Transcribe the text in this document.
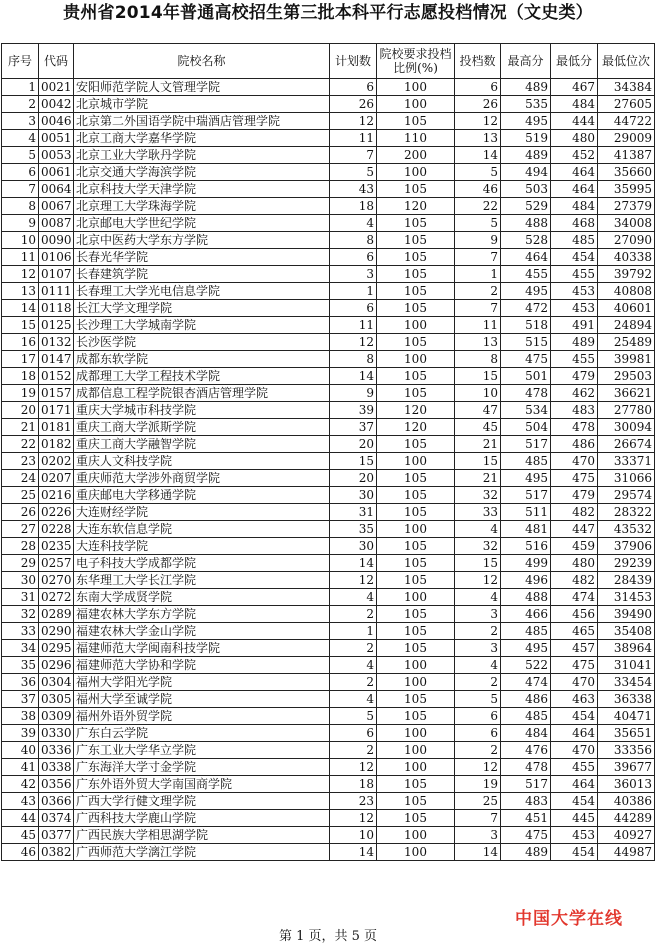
贵州省2014年普通高校招生第三批本科平行志愿投档情况（文史类）
序号	代码	院校名称	计划数	院校要求投档比例(%)	投档数	最高分	最低分	最低位次
1	0021	安阳师范学院人文管理学院	6	100	6	489	467	34384
2	0042	北京城市学院	26	100	26	535	484	27605
3	0046	北京第二外国语学院中瑞酒店管理学院	12	105	12	495	444	44722
4	0051	北京工商大学嘉华学院	11	110	13	519	480	29009
5	0053	北京工业大学耿丹学院	7	200	14	489	452	41387
6	0061	北京交通大学海滨学院	5	100	5	494	464	35660
7	0064	北京科技大学天津学院	43	105	46	503	464	35995
8	0067	北京理工大学珠海学院	18	120	22	529	484	27379
9	0087	北京邮电大学世纪学院	4	105	5	488	468	34008
10	0090	北京中医药大学东方学院	8	105	9	528	485	27090
11	0106	长春光华学院	6	105	7	464	454	40338
12	0107	长春建筑学院	3	105	1	455	455	39792
13	0111	长春理工大学光电信息学院	1	105	2	495	453	40808
14	0118	长江大学文理学院	6	105	7	472	453	40601
15	0125	长沙理工大学城南学院	11	100	11	518	491	24894
16	0132	长沙医学院	12	105	13	515	489	25489
17	0147	成都东软学院	8	100	8	475	455	39981
18	0152	成都理工大学工程技术学院	14	105	15	501	479	29503
19	0157	成都信息工程学院银杏酒店管理学院	9	105	10	478	462	36621
20	0171	重庆大学城市科技学院	39	120	47	534	483	27780
21	0181	重庆工商大学派斯学院	37	120	45	504	478	30094
22	0182	重庆工商大学融智学院	20	105	21	517	486	26674
23	0202	重庆人文科技学院	15	100	15	485	470	33371
24	0207	重庆师范大学涉外商贸学院	20	105	21	495	475	31066
25	0216	重庆邮电大学移通学院	30	105	32	517	479	29574
26	0226	大连财经学院	31	105	33	511	482	28322
27	0228	大连东软信息学院	35	100	4	481	447	43532
28	0235	大连科技学院	30	105	32	516	459	37906
29	0257	电子科技大学成都学院	14	105	15	499	480	29239
30	0270	东华理工大学长江学院	12	105	12	496	482	28439
31	0272	东南大学成贤学院	4	100	4	488	474	31453
32	0289	福建农林大学东方学院	2	105	3	466	456	39490
33	0290	福建农林大学金山学院	1	105	2	485	465	35408
34	0295	福建师范大学闽南科技学院	2	105	3	495	457	38964
35	0296	福建师范大学协和学院	4	100	4	522	475	31041
36	0304	福州大学阳光学院	2	100	2	474	470	33454
37	0305	福州大学至诚学院	4	105	5	486	463	36338
38	0309	福州外语外贸学院	5	105	6	485	454	40471
39	0330	广东白云学院	6	100	6	484	464	35651
40	0336	广东工业大学华立学院	2	100	2	476	470	33356
41	0338	广东海洋大学寸金学院	12	100	12	478	455	39677
42	0356	广东外语外贸大学南国商学院	18	105	19	517	464	36013
43	0366	广西大学行健文理学院	23	105	25	483	454	40386
44	0374	广西科技大学鹿山学院	12	105	7	451	445	44289
45	0377	广西民族大学相思湖学院	10	100	3	475	453	40927
46	0382	广西师范大学漓江学院	14	100	14	489	454	44987
中国大学在线
第 1 页，共 5 页
